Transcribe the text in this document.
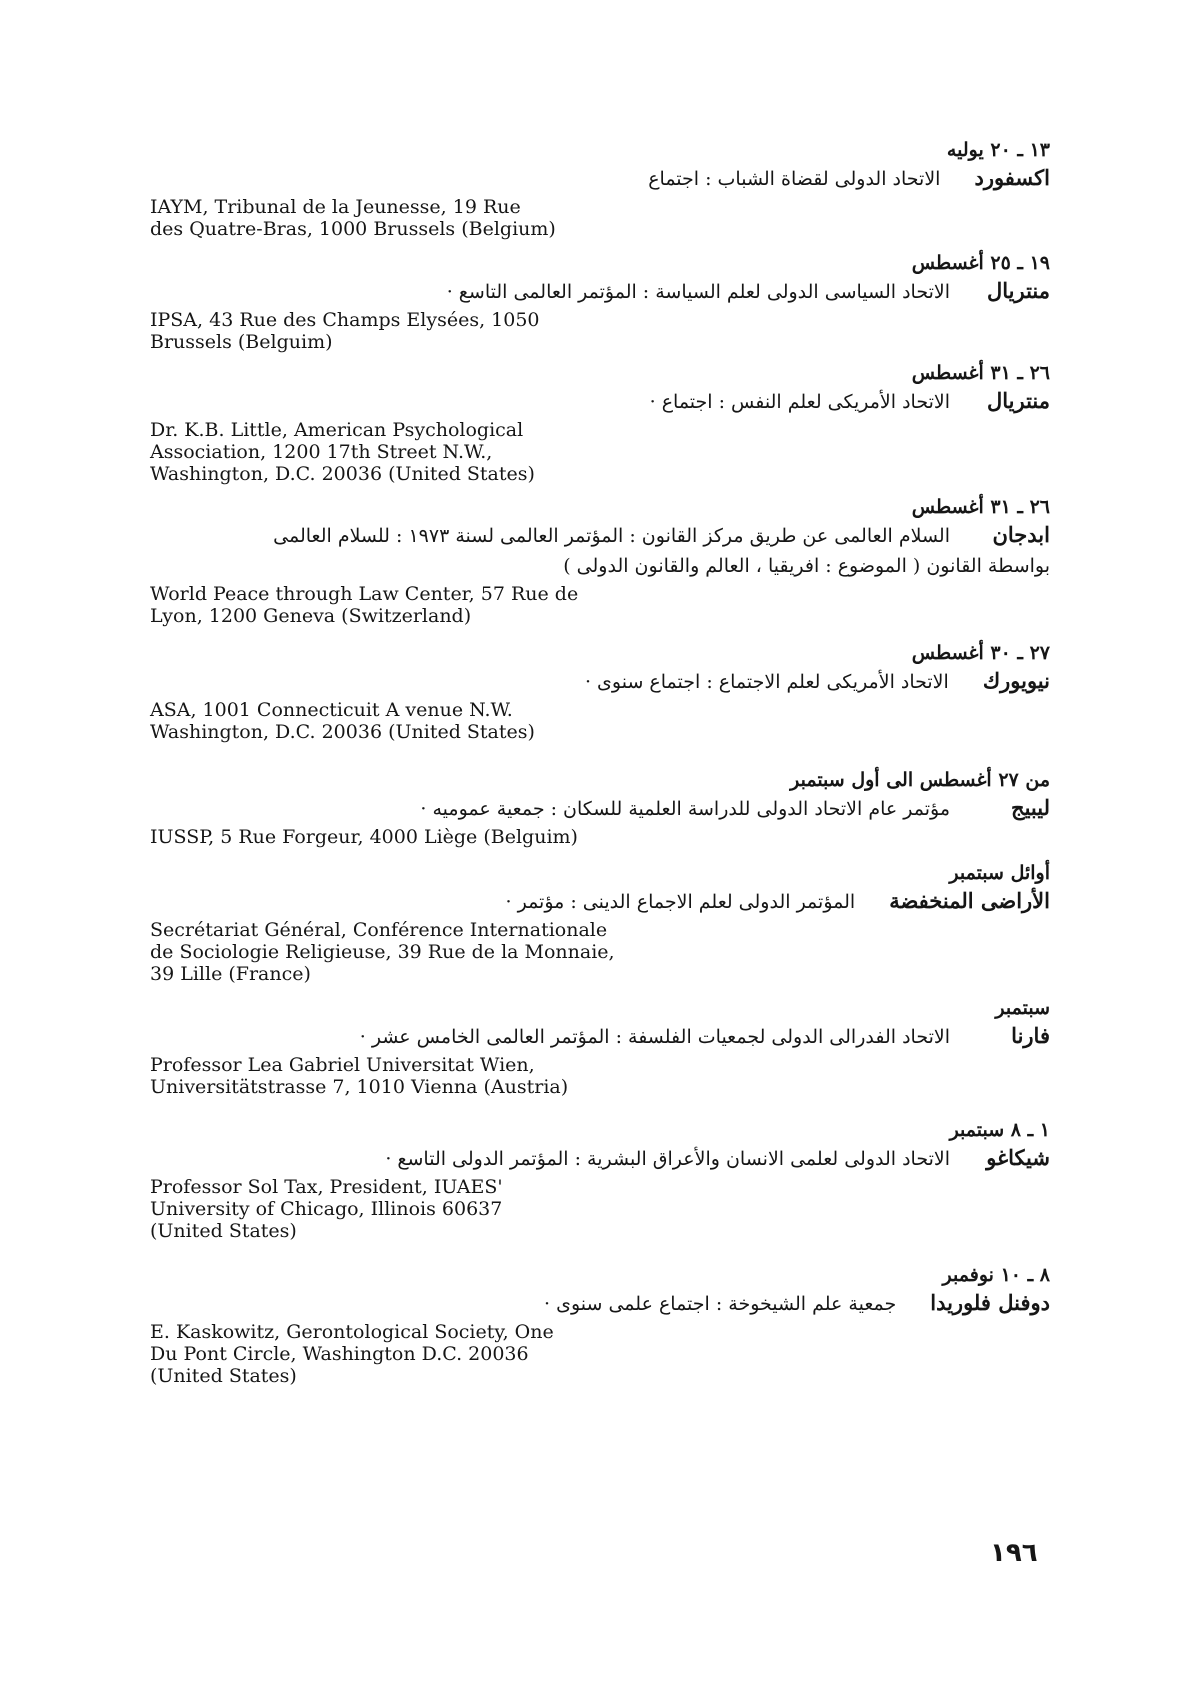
١٣ ـ ٢٠ يوليه
اكسفوردالاتحاد الدولى لقضاة الشباب : اجتماع
IAYM, Tribunal de la Jeunesse, 19 Rue
des Quatre-Bras, 1000 Brussels (Belgium)
١٩ ـ ٢٥ أغسطس
منتريالالاتحاد السياسى الدولى لعلم السياسة : المؤتمر العالمى التاسع ·
IPSA, 43 Rue des Champs Elysées, 1050
Brussels (Belguim)
٢٦ ـ ٣١ أغسطس
منتريالالاتحاد الأمريكى لعلم النفس : اجتماع ·
Dr. K.B. Little, American Psychological
Association, 1200 17th Street N.W.,
Washington, D.C. 20036 (United States)
٢٦ ـ ٣١ أغسطس
ابدجانالسلام العالمى عن طريق مركز القانون : المؤتمر العالمى لسنة ١٩٧٣ : للسلام العالمى
بواسطة القانون ( الموضوع : افريقيا ، العالم والقانون الدولى )
World Peace through Law Center, 57 Rue de
Lyon, 1200 Geneva (Switzerland)
٢٧ ـ ٣٠ أغسطس
نيويوركالاتحاد الأمريكى لعلم الاجتماع : اجتماع سنوى ·
ASA, 1001 Connecticuit A venue N.W.
Washington, D.C. 20036 (United States)
من ٢٧ أغسطس الى أول سبتمبر
ليبيجمؤتمر عام الاتحاد الدولى للدراسة العلمية للسكان : جمعية عموميه ·
IUSSP, 5 Rue Forgeur, 4000 Liège (Belguim)
أوائل سبتمبر
الأراضى المنخفضةالمؤتمر الدولى لعلم الاجماع الدينى : مؤتمر ·
Secrétariat Général, Conférence Internationale
de Sociologie Religieuse, 39 Rue de la Monnaie,
39 Lille (France)
سبتمبر
فارناالاتحاد الفدرالى الدولى لجمعيات الفلسفة : المؤتمر العالمى الخامس عشر ·
Professor Lea Gabriel Universitat Wien,
Universitätstrasse 7, 1010 Vienna (Austria)
١ ـ ٨ سبتمبر
شيكاغوالاتحاد الدولى لعلمى الانسان والأعراق البشرية : المؤتمر الدولى التاسع ·
Professor Sol Tax, President, IUAES'
University of Chicago, Illinois 60637
(United States)
٨ ـ ١٠ نوفمبر
دوفنل فلوريداجمعية علم الشيخوخة : اجتماع علمى سنوى ·
E. Kaskowitz, Gerontological Society, One
Du Pont Circle, Washington D.C. 20036
(United States)
١٩٦
